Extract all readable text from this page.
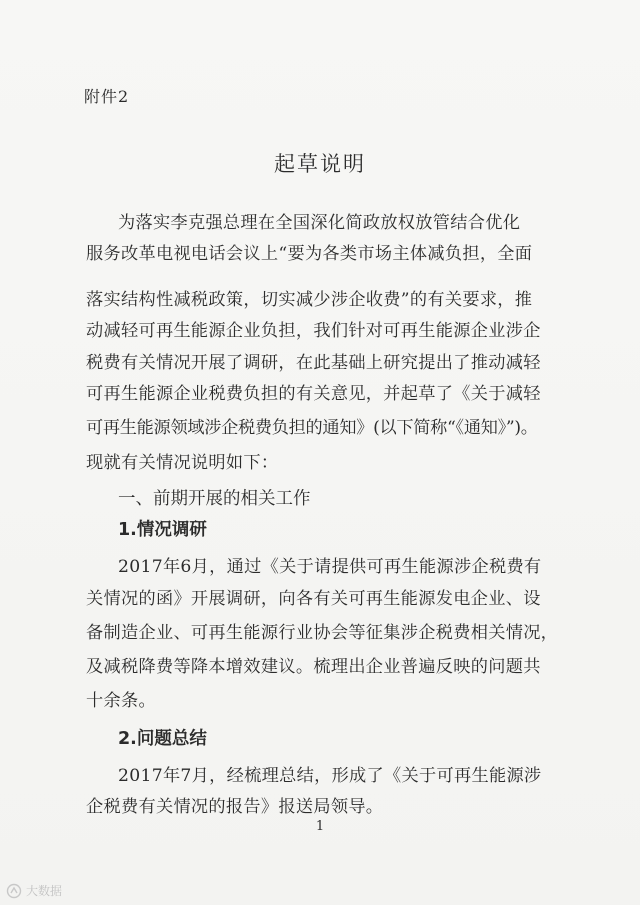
附件2
起草说明
为落实李克强总理在全国深化简政放权放管结合优化
服务改革电视电话会议上“要为各类市场主体减负担，全面
落实结构性减税政策，切实减少涉企收费”的有关要求，推
动减轻可再生能源企业负担，我们针对可再生能源企业涉企
税费有关情况开展了调研，在此基础上研究提出了推动减轻
可再生能源企业税费负担的有关意见，并起草了《关于减轻
可再生能源领域涉企税费负担的通知》(以下简称“《通知》”)。
现就有关情况说明如下：
一、前期开展的相关工作
1.情况调研
2017年6月，通过《关于请提供可再生能源涉企税费有
关情况的函》开展调研，向各有关可再生能源发电企业、设
备制造企业、可再生能源行业协会等征集涉企税费相关情况，
及减税降费等降本增效建议。梳理出企业普遍反映的问题共
十余条。
2.问题总结
2017年7月，经梳理总结，形成了《关于可再生能源涉
企税费有关情况的报告》报送局领导。
1
大数据
